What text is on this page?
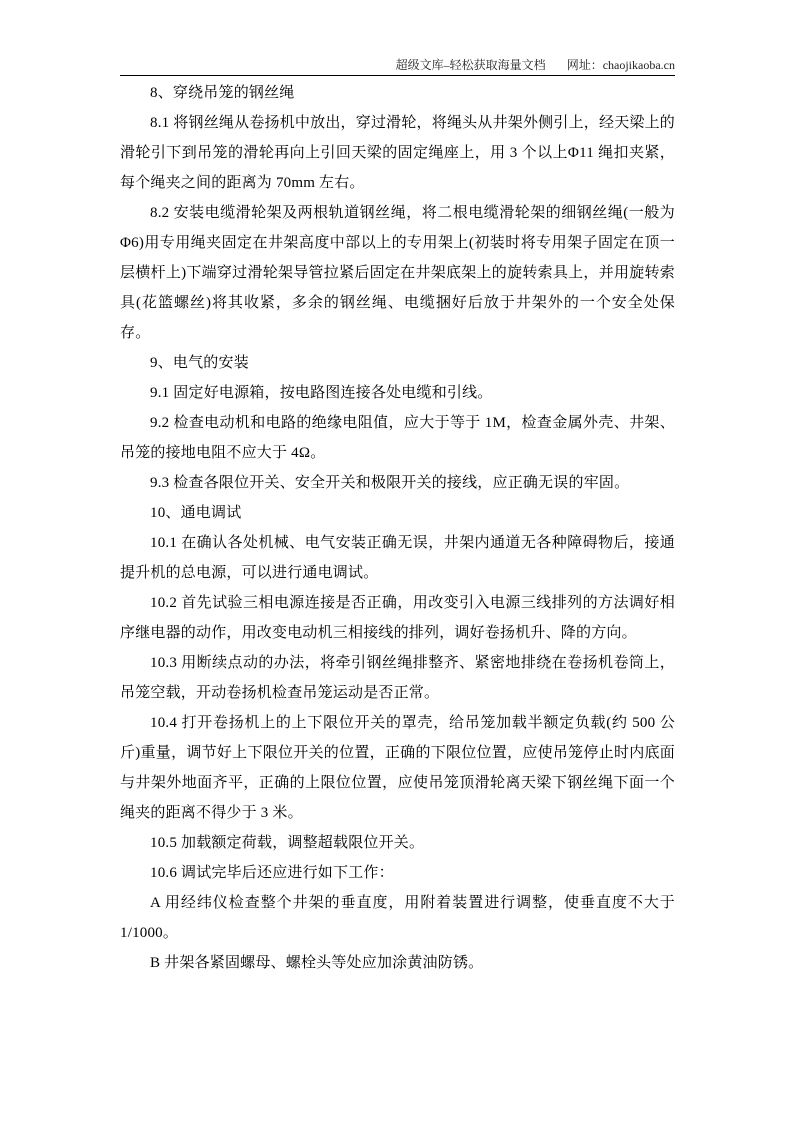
超级文库–轻松获取海量文档 网址：chaojikaoba.cn

8、穿绕吊笼的钢丝绳

8.1 将钢丝绳从卷扬机中放出，穿过滑轮，将绳头从井架外侧引上，经天梁上的滑轮引下到吊笼的滑轮再向上引回天梁的固定绳座上，用 3 个以上Φ11 绳扣夹紧，每个绳夹之间的距离为 70mm 左右。

8.2 安装电缆滑轮架及两根轨道钢丝绳，将二根电缆滑轮架的细钢丝绳(一般为Φ6)用专用绳夹固定在井架高度中部以上的专用架上(初装时将专用架子固定在顶一层横杆上)下端穿过滑轮架导管拉紧后固定在井架底架上的旋转索具上，并用旋转索具(花篮螺丝)将其收紧，多余的钢丝绳、电缆捆好后放于井架外的一个安全处保存。

9、电气的安装

9.1 固定好电源箱，按电路图连接各处电缆和引线。

9.2 检查电动机和电路的绝缘电阻值，应大于等于 1M，检查金属外壳、井架、吊笼的接地电阻不应大于 4Ω。

9.3 检查各限位开关、安全开关和极限开关的接线，应正确无误的牢固。

10、通电调试

10.1 在确认各处机械、电气安装正确无误，井架内通道无各种障碍物后，接通提升机的总电源，可以进行通电调试。

10.2 首先试验三相电源连接是否正确，用改变引入电源三线排列的方法调好相序继电器的动作，用改变电动机三相接线的排列，调好卷扬机升、降的方向。

10.3 用断续点动的办法，将牵引钢丝绳排整齐、紧密地排绕在卷扬机卷筒上，吊笼空载，开动卷扬机检查吊笼运动是否正常。

10.4 打开卷扬机上的上下限位开关的罩壳，给吊笼加载半额定负载(约 500 公斤)重量，调节好上下限位开关的位置，正确的下限位位置，应使吊笼停止时内底面与井架外地面齐平，正确的上限位位置，应使吊笼顶滑轮离天梁下钢丝绳下面一个绳夹的距离不得少于 3 米。

10.5 加载额定荷载，调整超载限位开关。

10.6 调试完毕后还应进行如下工作：

A 用经纬仪检查整个井架的垂直度，用附着装置进行调整，使垂直度不大于 1/1000。

B 井架各紧固螺母、螺栓头等处应加涂黄油防锈。
